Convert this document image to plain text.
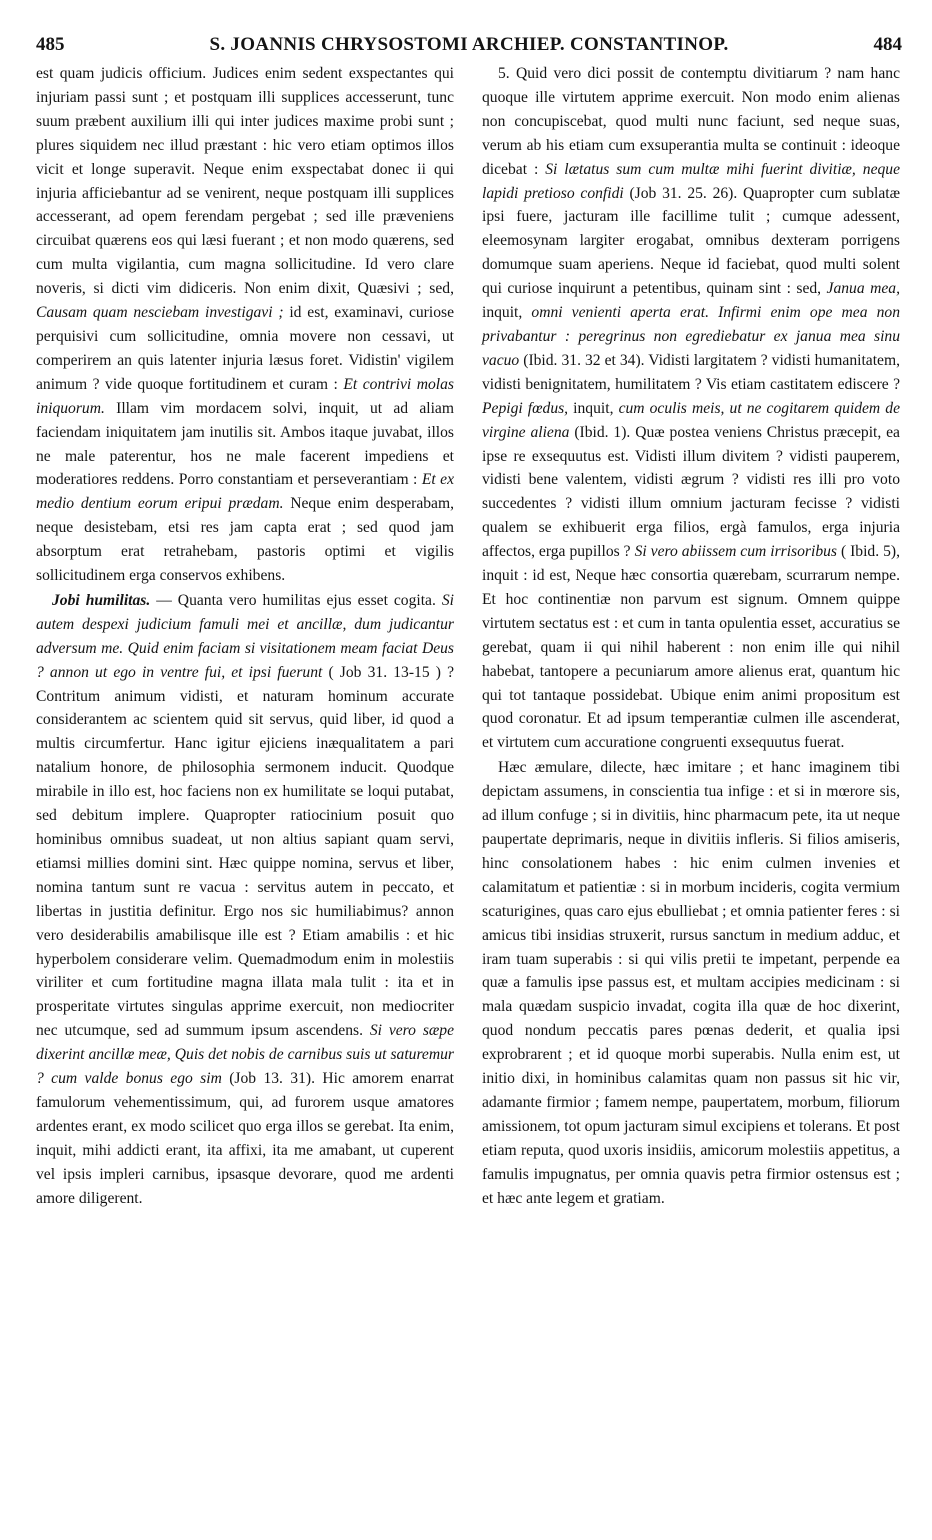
485	S. JOANNIS CHRYSOSTOMI ARCHIEP. CONSTANTINOP.	484

est quam judicis officium. Judices enim sedent exspectantes qui injuriam passi sunt ; et postquam illi supplices accesserunt, tunc suum præbent auxilium illi qui inter judices maxime probi sunt ; plures siquidem nec illud præstant : hic vero etiam optimos illos vicit et longe superavit. Neque enim exspectabat donec ii qui injuria afficiebantur ad se venirent, neque postquam illi supplices accesserant, ad opem ferendam pergebat ; sed ille præveniens circuibat quærens eos qui læsi fuerant ; et non modo quærens, sed cum multa vigilantia, cum magna sollicitudine. Id vero clare noveris, si dicti vim didiceris. Non enim dixit, Quæsivi ; sed, Causam quam nesciebam investigavi ; id est, examinavi, curiose perquisivi cum sollicitudine, omnia movere non cessavi, ut comperirem an quis latenter injuria læsus foret. Vidistin' vigilem animum ? vide quoque fortitudinem et curam : Et contrivi molas iniquorum. Illam vim mordacem solvi, inquit, ut ad aliam faciendam iniquitatem jam inutilis sit. Ambos itaque juvabat, illos ne male paterentur, hos ne male facerent impediens et moderatiores reddens. Porro constantiam et perseverantiam : Et ex medio dentium eorum eripui prædam. Neque enim desperabam, neque desistebam, etsi res jam capta erat ; sed quod jam absorptum erat retrahebam, pastoris optimi et vigilis sollicitudinem erga conservos exhibens.

Jobi humilitas. — Quanta vero humilitas ejus esset cogita. Si autem despexi judicium famuli mei et ancillæ, dum judicantur adversum me. Quid enim faciam si visitationem meam faciat Deus ? annon ut ego in ventre fui, et ipsi fuerunt ( Job 31. 13-15 ) ? Contritum animum vidisti, et naturam hominum accurate considerantem ac scientem quid sit servus, quid liber, id quod a multis circumfertur. Hanc igitur ejiciens inæqualitatem a pari natalium honore, de philosophia sermonem inducit. Quodque mirabile in illo est, hoc faciens non ex humilitate se loqui putabat, sed debitum implere. Quapropter ratiocinium posuit quo hominibus omnibus suadeat, ut non altius sapiant quam servi, etiamsi millies domini sint. Hæc quippe nomina, servus et liber, nomina tantum sunt re vacua : servitus autem in peccato, et libertas in justitia definitur. Ergo nos sic humiliabimus? annon vero desiderabilis amabilisque ille est ? Etiam amabilis : et hic hyperbolem considerare velim. Quemadmodum enim in molestiis viriliter et cum fortitudine magna illata mala tulit : ita et in prosperitate virtutes singulas apprime exercuit, non mediocriter nec utcumque, sed ad summum ipsum ascendens. Si vero sæpe dixerint ancillæ meæ, Quis det nobis de carnibus suis ut saturemur ? cum valde bonus ego sim (Job 13. 31). Hic amorem enarrat famulorum vehementissimum, qui, ad furorem usque amatores ardentes erant, ex modo scilicet quo erga illos se gerebat. Ita enim, inquit, mihi addicti erant, ita affixi, ita me amabant, ut cuperent vel ipsis impleri carnibus, ipsasque devorare, quod me ardenti amore diligerent.

5. Quid vero dici possit de contemptu divitiarum ? nam hanc quoque ille virtutem apprime exercuit. Non modo enim alienas non concupiscebat, quod multi nunc faciunt, sed neque suas, verum ab his etiam cum exsuperantia multa se continuit : ideoque dicebat : Si lætatus sum cum multæ mihi fuerint divitiæ, neque lapidi pretioso confidi (Job 31. 25. 26). Quapropter cum sublatæ ipsi fuere, jacturam ille facillime tulit ; cumque adessent, eleemosynam largiter erogabat, omnibus dexteram porrigens domumque suam aperiens. Neque id faciebat, quod multi solent qui curiose inquirunt a petentibus, quinam sint : sed, Janua mea, inquit, omni venienti aperta erat. Infirmi enim ope mea non privabantur : peregrinus non egrediebatur ex janua mea sinu vacuo (Ibid. 31. 32 et 34). Vidisti largitatem ? vidisti humanitatem, vidisti benignitatem, humilitatem ? Vis etiam castitatem ediscere ? Pepigi fœdus, inquit, cum oculis meis, ut ne cogitarem quidem de virgine aliena (Ibid. 1). Quæ postea veniens Christus præcepit, ea ipse re exsequutus est. Vidisti illum divitem ? vidisti pauperem, vidisti bene valentem, vidisti ægrum ? vidisti res illi pro voto succedentes ? vidisti illum omnium jacturam fecisse ? vidisti qualem se exhibuerit erga filios, ergà famulos, erga injuria affectos, erga pupillos ? Si vero abiissem cum irrisoribus ( Ibid. 5), inquit : id est, Neque hæc consortia quærebam, scurrarum nempe. Et hoc continentiæ non parvum est signum. Omnem quippe virtutem sectatus est : et cum in tanta opulentia esset, accuratius se gerebat, quam ii qui nihil haberent : non enim ille qui nihil habebat, tantopere a pecuniarum amore alienus erat, quantum hic qui tot tantaque possidebat. Ubique enim animi propositum est quod coronatur. Et ad ipsum temperantiæ culmen ille ascenderat, et virtutem cum accuratione congruenti exsequutus fuerat.

Hæc æmulare, dilecte, hæc imitare ; et hanc imaginem tibi depictam assumens, in conscientia tua infige : et si in mœrore sis, ad illum confuge ; si in divitiis, hinc pharmacum pete, ita ut neque paupertate deprimaris, neque in divitiis infleris. Si filios amiseris, hinc consolationem habes : hic enim culmen invenies et calamitatum et patientiæ : si in morbum incideris, cogita vermium scaturigines, quas caro ejus ebulliebat ; et omnia patienter feres : si amicus tibi insidias struxerit, rursus sanctum in medium adduc, et iram tuam superabis : si qui vilis pretii te impetant, perpende ea quæ a famulis ipse passus est, et multam accipies medicinam : si mala quædam suspicio invadat, cogita illa quæ de hoc dixerint, quod nondum peccatis pares pœnas dederit, et qualia ipsi exprobrarent ; et id quoque morbi superabis. Nulla enim est, ut initio dixi, in hominibus calamitas quam non passus sit hic vir, adamante firmior ; famem nempe, paupertatem, morbum, filiorum amissionem, tot opum jacturam simul excipiens et tolerans. Et post etiam reputa, quod uxoris insidiis, amicorum molestiis appetitus, a famulis impugnatus, per omnia quavis petra firmior ostensus est ; et hæc ante legem et gratiam.
